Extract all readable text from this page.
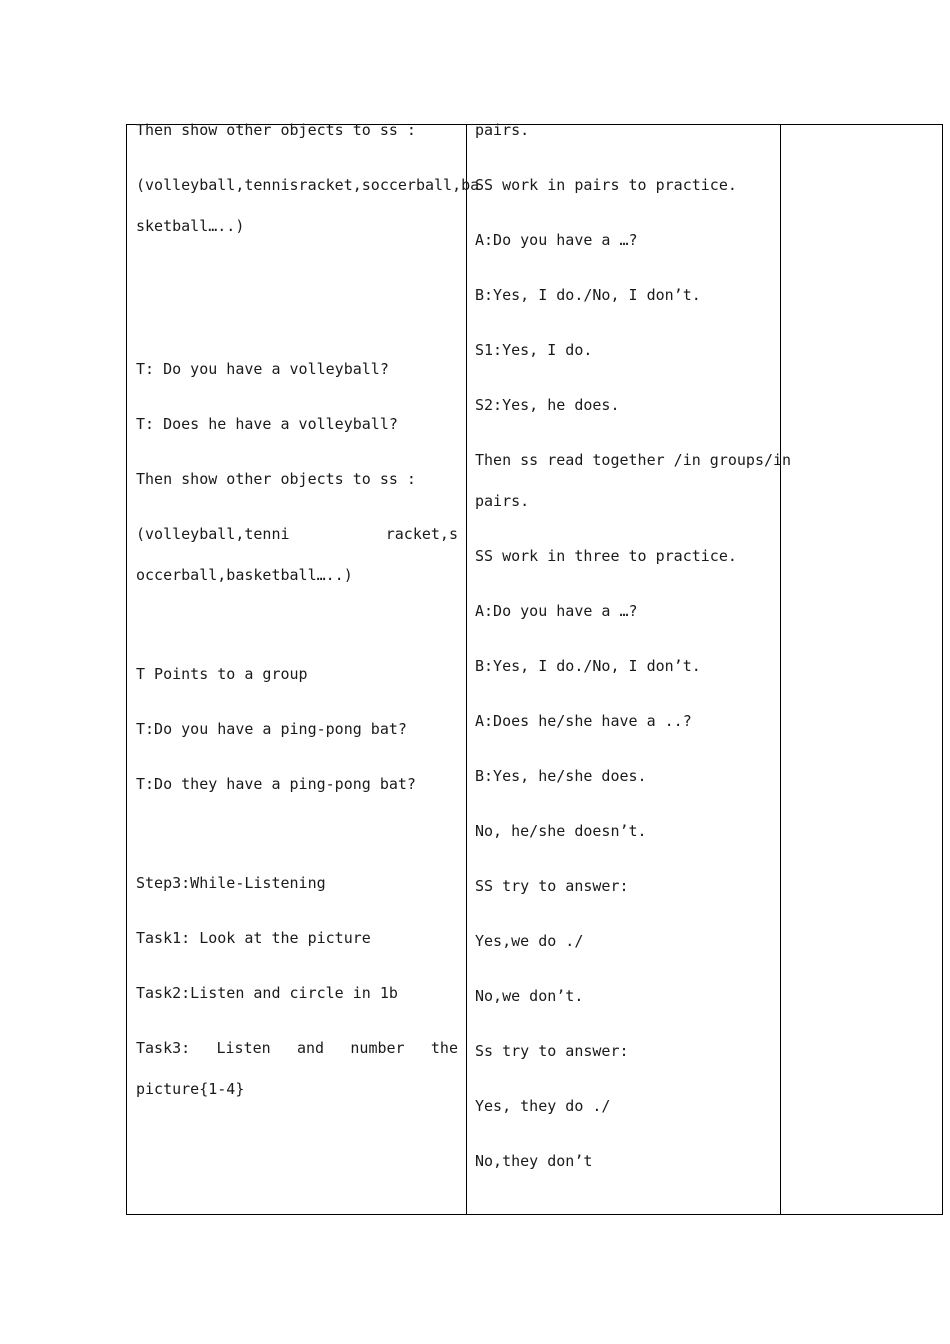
Then show other objects to ss :
(volleyball,tennisracket,soccerball,ba
sketball…..)
T: Do you have a volleyball?
T: Does he have a volleyball?
Then show other objects to ss :
(volleyball,tenni	racket,s
occerball,basketball…..)
T Points to a group
T:Do you have a ping-pong bat?
T:Do they have a ping-pong bat?
Step3:While-Listening
Task1: Look at the picture
Task2:Listen and circle in 1b
Task3: Listen and number the
picture{1-4}

pairs.
SS work in pairs to practice.
A:Do you have a …?
B:Yes, I do./No, I don’t.
S1:Yes, I do.
S2:Yes, he does.
Then ss read together /in groups/in
pairs.
SS work in three to practice.
A:Do you have a …?
B:Yes, I do./No, I don’t.
A:Does he/she have a ..?
B:Yes, he/she does.
No, he/she doesn’t.
SS try to answer:
Yes,we do ./
No,we don’t.
Ss try to answer:
Yes, they do ./
No,they don’t
